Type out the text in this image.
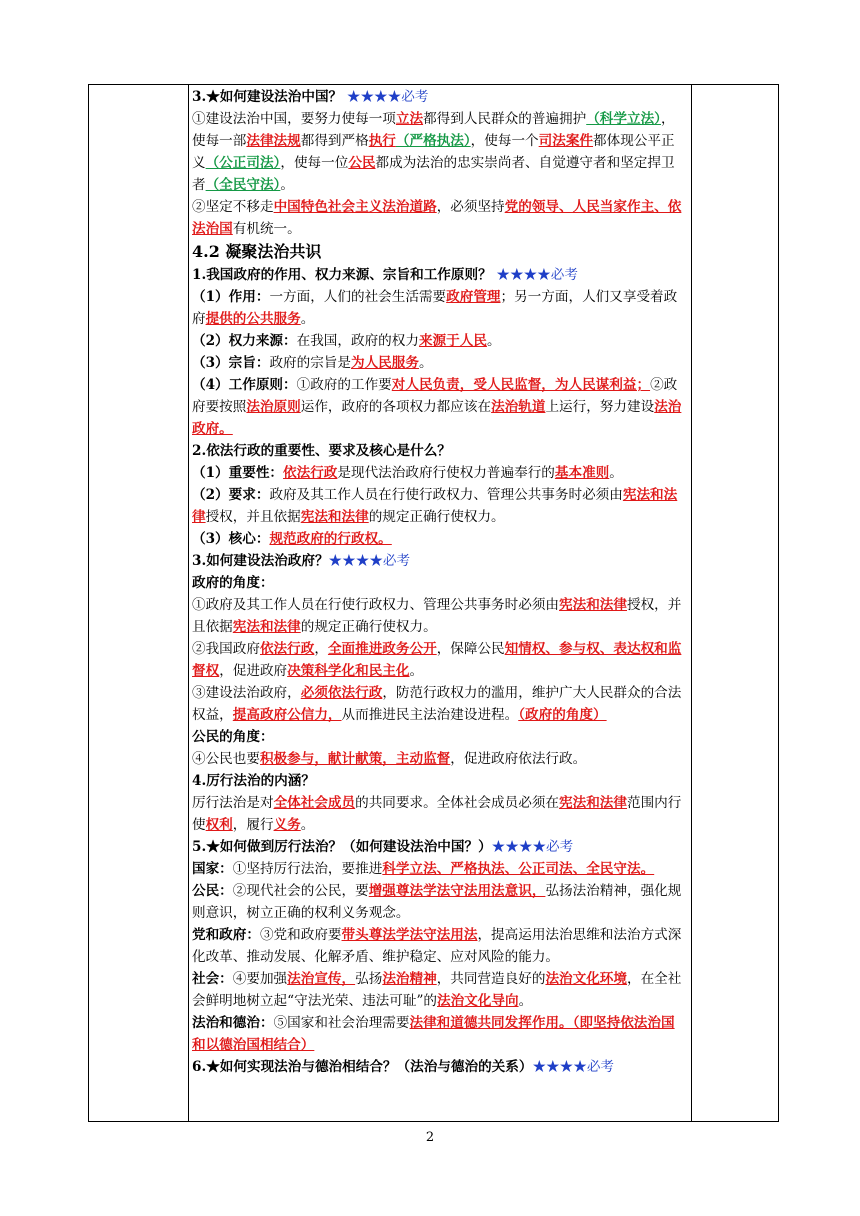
3.★如何建设法治中国？ ★★★★必考
①建设法治中国，要努力使每一项立法都得到人民群众的普遍拥护（科学立法），使每一部法律法规都得到严格执行（严格执法），使每一个司法案件都体现公平正义（公正司法），使每一位公民都成为法治的忠实崇尚者、自觉遵守者和坚定捍卫者（全民守法）。
②坚定不移走中国特色社会主义法治道路，必须坚持党的领导、人民当家作主、依法治国有机统一。
4.2 凝聚法治共识
1.我国政府的作用、权力来源、宗旨和工作原则？ ★★★★必考
（1）作用：一方面，人们的社会生活需要政府管理；另一方面，人们又享受着政府提供的公共服务。
（2）权力来源：在我国，政府的权力来源于人民。
（3）宗旨：政府的宗旨是为人民服务。
（4）工作原则：①政府的工作要对人民负责，受人民监督，为人民谋利益；②政府要按照法治原则运作，政府的各项权力都应该在法治轨道上运行，努力建设法治政府。
2.依法行政的重要性、要求及核心是什么？
（1）重要性：依法行政是现代法治政府行使权力普遍奉行的基本准则。
（2）要求：政府及其工作人员在行使行政权力、管理公共事务时必须由宪法和法律授权，并且依据宪法和法律的规定正确行使权力。
（3）核心：规范政府的行政权。
3.如何建设法治政府？★★★★必考
政府的角度：
①政府及其工作人员在行使行政权力、管理公共事务时必须由宪法和法律授权，并且依据宪法和法律的规定正确行使权力。
②我国政府依法行政，全面推进政务公开，保障公民知情权、参与权、表达权和监督权，促进政府决策科学化和民主化。
③建设法治政府，必须依法行政，防范行政权力的滥用，维护广大人民群众的合法权益，提高政府公信力，从而推进民主法治建设进程。（政府的角度）
公民的角度：
④公民也要积极参与，献计献策，主动监督，促进政府依法行政。
4.厉行法治的内涵？
厉行法治是对全体社会成员的共同要求。全体社会成员必须在宪法和法律范围内行使权利，履行义务。
5.★如何做到厉行法治？（如何建设法治中国？）★★★★必考
国家：①坚持厉行法治，要推进科学立法、严格执法、公正司法、全民守法。
公民：②现代社会的公民，要增强尊法学法守法用法意识，弘扬法治精神，强化规则意识，树立正确的权利义务观念。
党和政府：③党和政府要带头尊法学法守法用法，提高运用法治思维和法治方式深化改革、推动发展、化解矛盾、维护稳定、应对风险的能力。
社会：④要加强法治宣传，弘扬法治精神，共同营造良好的法治文化环境，在全社会鲜明地树立起“守法光荣、违法可耻”的法治文化导向。
法治和德治：⑤国家和社会治理需要法律和道德共同发挥作用。（即坚持依法治国和以德治国相结合）
6.★如何实现法治与德治相结合？（法治与德治的关系）★★★★必考
2
